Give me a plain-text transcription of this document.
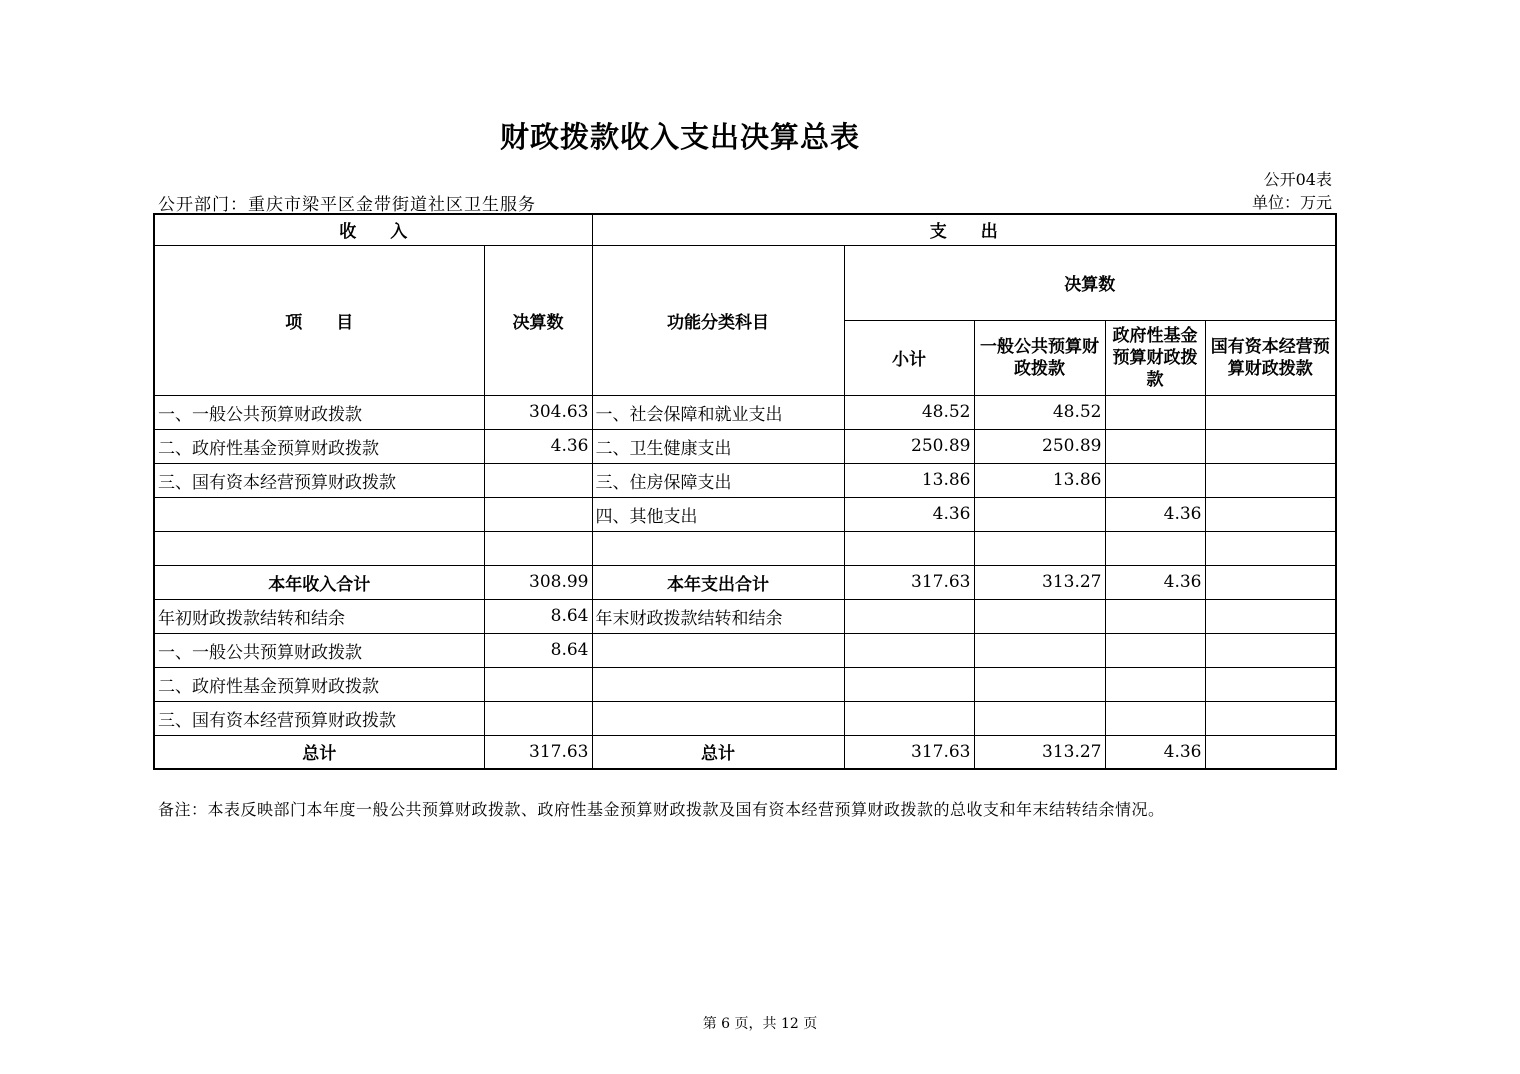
财政拨款收入支出决算总表
公开04表
公开部门：重庆市梁平区金带街道社区卫生服务	单位：万元
收　　入		支　　出				
项　　目	决算数	功能分类科目	决算数			
			小计	一般公共预算财政拨款	政府性基金预算财政拨款	国有资本经营预算财政拨款
一、一般公共预算财政拨款	304.63	一、社会保障和就业支出	48.52	48.52		
二、政府性基金预算财政拨款	4.36	二、卫生健康支出	250.89	250.89		
三、国有资本经营预算财政拨款		三、住房保障支出	13.86	13.86		
		四、其他支出	4.36		4.36	

本年收入合计	308.99	本年支出合计	317.63	313.27	4.36	
年初财政拨款结转和结余	8.64	年末财政拨款结转和结余				
一、一般公共预算财政拨款	8.64					
二、政府性基金预算财政拨款						
三、国有资本经营预算财政拨款						
总计	317.63	总计	317.63	313.27	4.36	
备注：本表反映部门本年度一般公共预算财政拨款、政府性基金预算财政拨款及国有资本经营预算财政拨款的总收支和年末结转结余情况。
第 6 页，共 12 页
